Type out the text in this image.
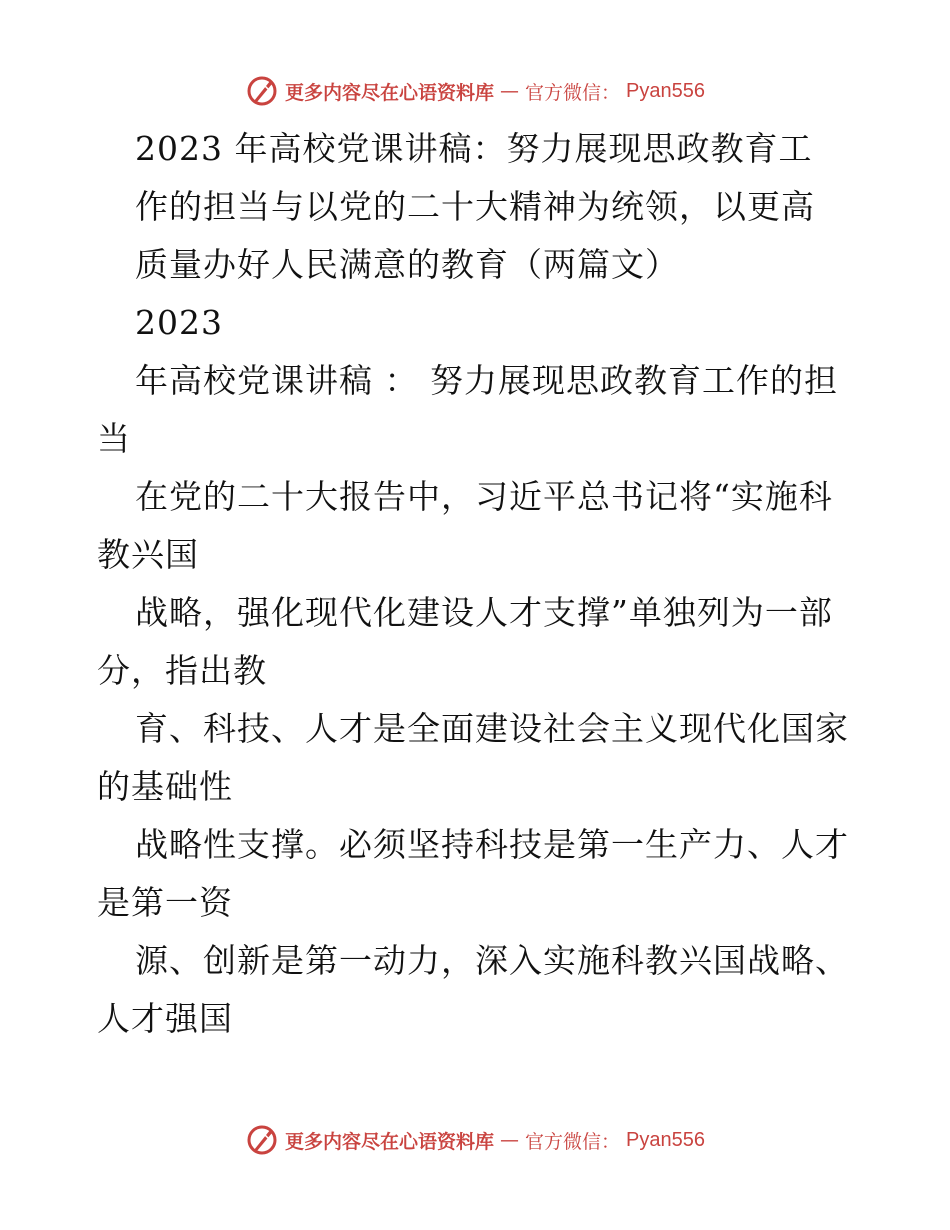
更多内容尽在心语资料库 — 官方微信： Pyan556
2023 年高校党课讲稿：努力展现思政教育工
作的担当与以党的二十大精神为统领，以更高
质量办好人民满意的教育（两篇文）
2023
年高校党课讲稿 ： 努力展现思政教育工作的担
当
在党的二十大报告中，习近平总书记将“实施科
教兴国
战略，强化现代化建设人才支撑”单独列为一部
分，指出教
育、科技、人才是全面建设社会主义现代化国家
的基础性
战略性支撑。必须坚持科技是第一生产力、人才
是第一资
源、创新是第一动力，深入实施科教兴国战略、
人才强国
更多内容尽在心语资料库 — 官方微信： Pyan556
